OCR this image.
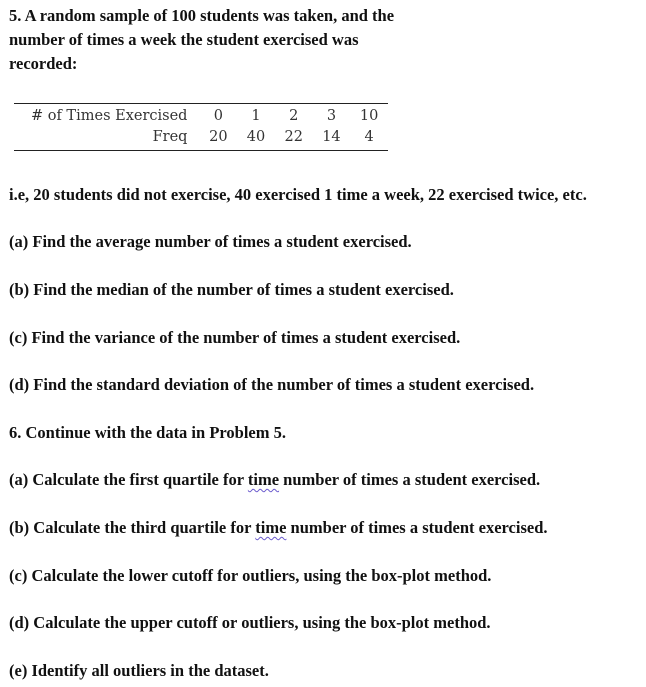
5. A random sample of 100 students was taken, and the
number of times a week the student exercised was
recorded:
# of Times Exercised	0	1	2	3	10
Freq	20	40	22	14	4
i.e, 20 students did not exercise, 40 exercised 1 time a week, 22 exercised twice, etc.
(a) Find the average number of times a student exercised.
(b) Find the median of the number of times a student exercised.
(c) Find the variance of the number of times a student exercised.
(d) Find the standard deviation of the number of times a student exercised.
6. Continue with the data in Problem 5.
(a) Calculate the first quartile for time number of times a student exercised.
(b) Calculate the third quartile for time number of times a student exercised.
(c) Calculate the lower cutoff for outliers, using the box-plot method.
(d) Calculate the upper cutoff or outliers, using the box-plot method.
(e) Identify all outliers in the dataset.
